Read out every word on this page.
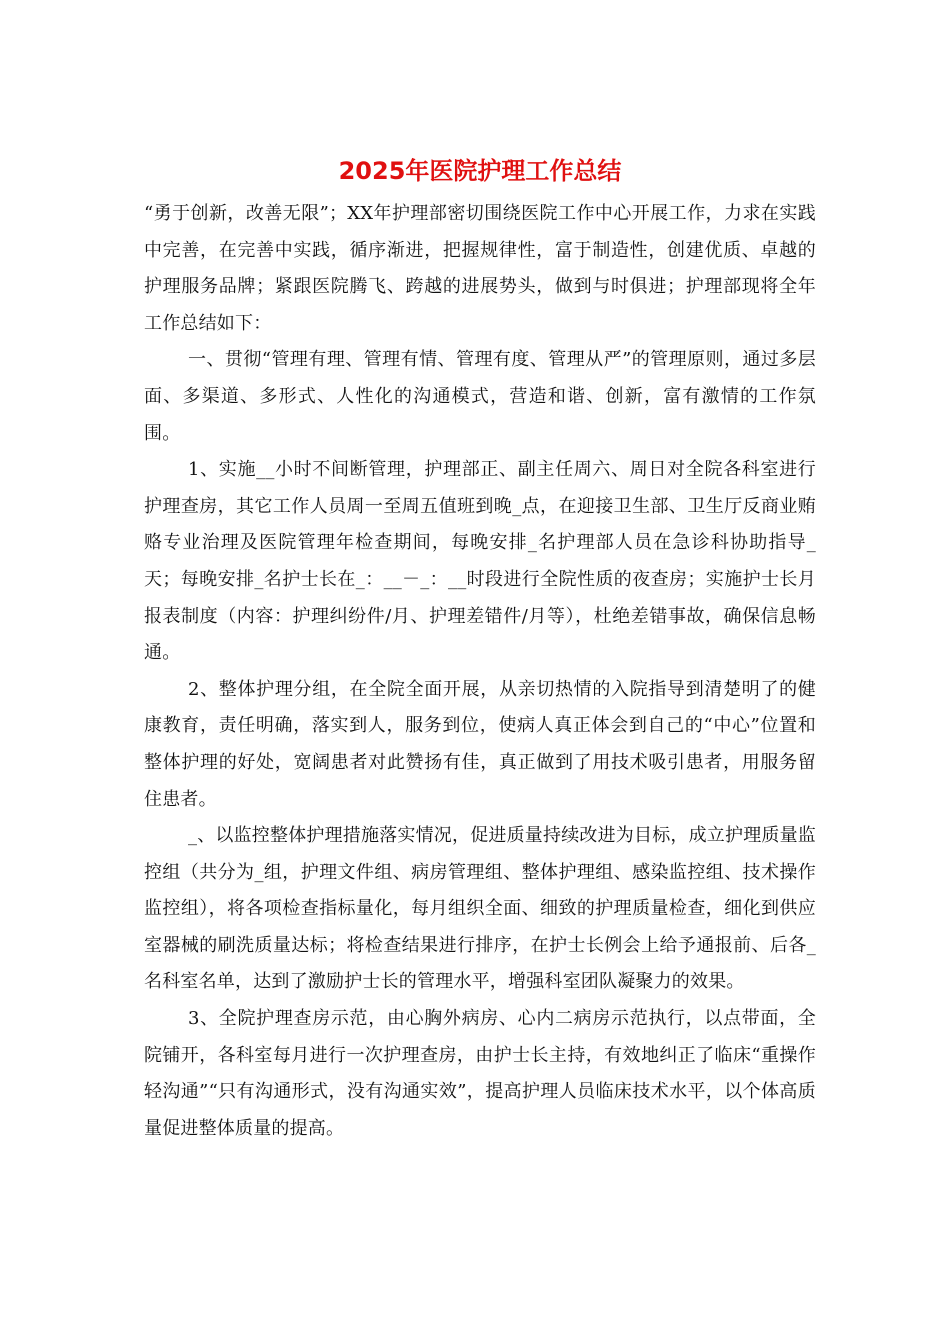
2025年医院护理工作总结

“勇于创新，改善无限”；XX年护理部密切围绕医院工作中心开展工作，力求在实践中完善，在完善中实践，循序渐进，把握规律性，富于制造性，创建优质、卓越的护理服务品牌；紧跟医院腾飞、跨越的进展势头，做到与时俱进；护理部现将全年工作总结如下：

一、贯彻“管理有理、管理有情、管理有度、管理从严”的管理原则，通过多层面、多渠道、多形式、人性化的沟通模式，营造和谐、创新，富有激情的工作氛围。

1、实施__小时不间断管理，护理部正、副主任周六、周日对全院各科室进行护理查房，其它工作人员周一至周五值班到晚_点，在迎接卫生部、卫生厅反商业贿赂专业治理及医院管理年检查期间，每晚安排_名护理部人员在急诊科协助指导_天；每晚安排_名护士长在_：__－_：__时段进行全院性质的夜查房；实施护士长月报表制度（内容：护理纠纷件/月、护理差错件/月等），杜绝差错事故，确保信息畅通。

2、整体护理分组，在全院全面开展，从亲切热情的入院指导到清楚明了的健康教育，责任明确，落实到人，服务到位，使病人真正体会到自己的“中心”位置和整体护理的好处，宽阔患者对此赞扬有佳，真正做到了用技术吸引患者，用服务留住患者。

_、以监控整体护理措施落实情况，促进质量持续改进为目标，成立护理质量监控组（共分为_组，护理文件组、病房管理组、整体护理组、感染监控组、技术操作监控组），将各项检查指标量化，每月组织全面、细致的护理质量检查，细化到供应室器械的刷洗质量达标；将检查结果进行排序，在护士长例会上给予通报前、后各_名科室名单，达到了激励护士长的管理水平，增强科室团队凝聚力的效果。

3、全院护理查房示范，由心胸外病房、心内二病房示范执行，以点带面，全院铺开，各科室每月进行一次护理查房，由护士长主持，有效地纠正了临床“重操作轻沟通”“只有沟通形式，没有沟通实效”，提高护理人员临床技术水平，以个体高质量促进整体质量的提高。
